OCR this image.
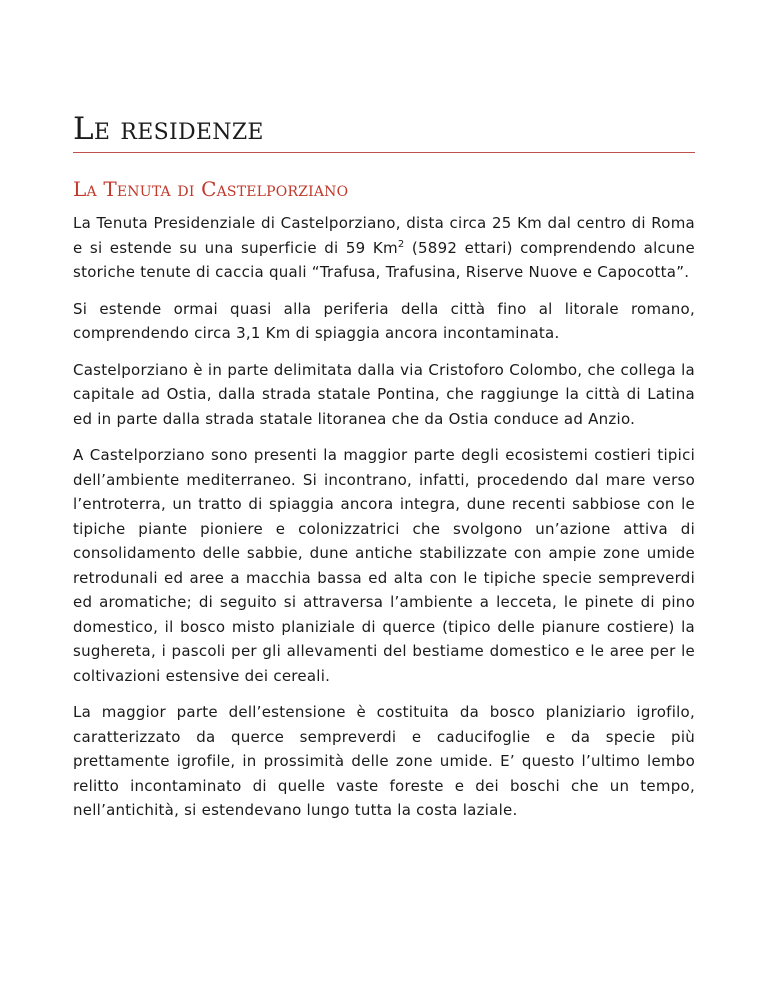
Le residenze
La Tenuta di Castelporziano

La Tenuta Presidenziale di Castelporziano, dista circa 25 Km dal centro di Roma e si estende su una superficie di 59 Km$^2$ (5892 ettari) comprendendo alcune storiche tenute di caccia quali “Trafusa, Trafusina, Riserve Nuove e Capocotta”.

Si estende ormai quasi alla periferia della città fino al litorale romano, comprendendo circa 3,1 Km di spiaggia ancora incontaminata.

Castelporziano è in parte delimitata dalla via Cristoforo Colombo, che collega la capitale ad Ostia, dalla strada statale Pontina, che raggiunge la città di Latina ed in parte dalla strada statale litoranea che da Ostia conduce ad Anzio.

A Castelporziano sono presenti la maggior parte degli ecosistemi costieri tipici dell’ambiente mediterraneo. Si incontrano, infatti, procedendo dal mare verso l’entroterra, un tratto di spiaggia ancora integra, dune recenti sabbiose con le tipiche piante pioniere e colonizzatrici che svolgono un’azione attiva di consolidamento delle sabbie, dune antiche stabilizzate con ampie zone umide retrodunali ed aree a macchia bassa ed alta con le tipiche specie sempreverdi ed aromatiche; di seguito si attraversa l’ambiente a lecceta, le pinete di pino domestico, il bosco misto planiziale di querce (tipico delle pianure costiere) la sughereta, i pascoli per gli allevamenti del bestiame domestico e le aree per le coltivazioni estensive dei cereali.

La maggior parte dell’estensione è costituita da bosco planiziario igrofilo, caratterizzato da querce sempreverdi e caducifoglie e da specie più prettamente igrofile, in prossimità delle zone umide. E’ questo l’ultimo lembo relitto incontaminato di quelle vaste foreste e dei boschi che un tempo, nell’antichità, si estendevano lungo tutta la costa laziale.
